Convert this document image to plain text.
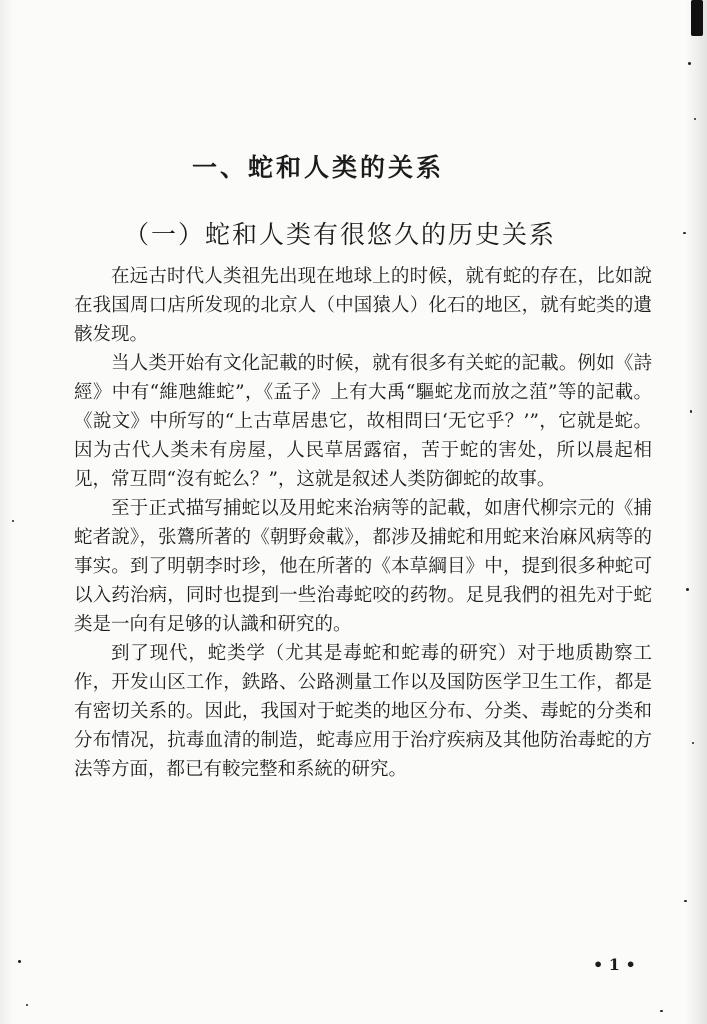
一、蛇和人类的关系
（一）蛇和人类有很悠久的历史关系

在远古时代人类祖先出现在地球上的时候，就有蛇的存在，比如說在我国周口店所发现的北京人（中国猿人）化石的地区，就有蛇类的遺骸发现。

当人类开始有文化記載的时候，就有很多有关蛇的記載。例如《詩經》中有“維虺維蛇”，《孟子》上有大禹“驅蛇龙而放之菹”等的記載。《說文》中所写的“上古草居患它，故相問曰‘无它乎？’”，它就是蛇。因为古代人类未有房屋，人民草居露宿，苦于蛇的害处，所以晨起相见，常互問“沒有蛇么？”，这就是叙述人类防御蛇的故事。

至于正式描写捕蛇以及用蛇来治病等的記載，如唐代柳宗元的《捕蛇者說》，张鷟所著的《朝野僉載》，都涉及捕蛇和用蛇来治麻风病等的事实。到了明朝李时珍，他在所著的《本草綱目》中，提到很多种蛇可以入药治病，同时也提到一些治毒蛇咬的药物。足見我們的祖先对于蛇类是一向有足够的认識和研究的。

到了现代，蛇类学（尤其是毒蛇和蛇毒的研究）对于地质勘察工作，开发山区工作，鉄路、公路测量工作以及国防医学卫生工作，都是有密切关系的。因此，我国对于蛇类的地区分布、分类、毒蛇的分类和分布情况，抗毒血清的制造，蛇毒应用于治疗疾病及其他防治毒蛇的方法等方面，都已有較完整和系統的研究。

• 1 •
